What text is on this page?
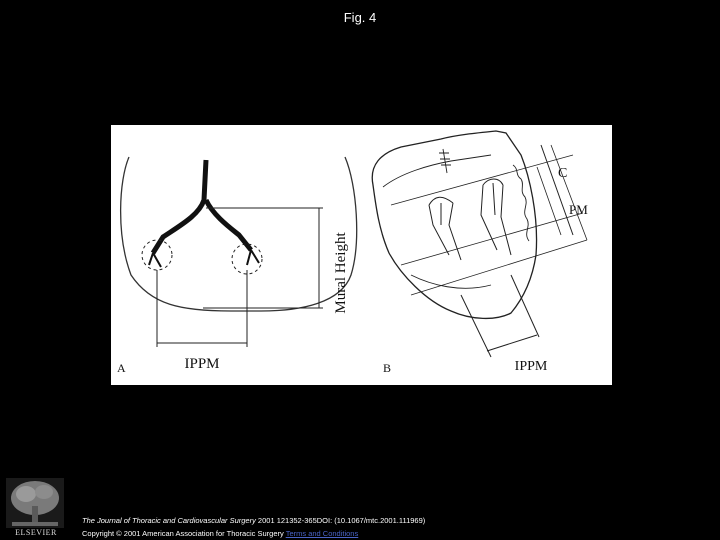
Fig. 4
Mural Height
IPPM
A
C
PM
IPPM
B
ELSEVIER
The Journal of Thoracic and Cardiovascular Surgery 2001 121352-365DOI: (10.1067/mtc.2001.111969)
Copyright © 2001 American Association for Thoracic Surgery Terms and Conditions
